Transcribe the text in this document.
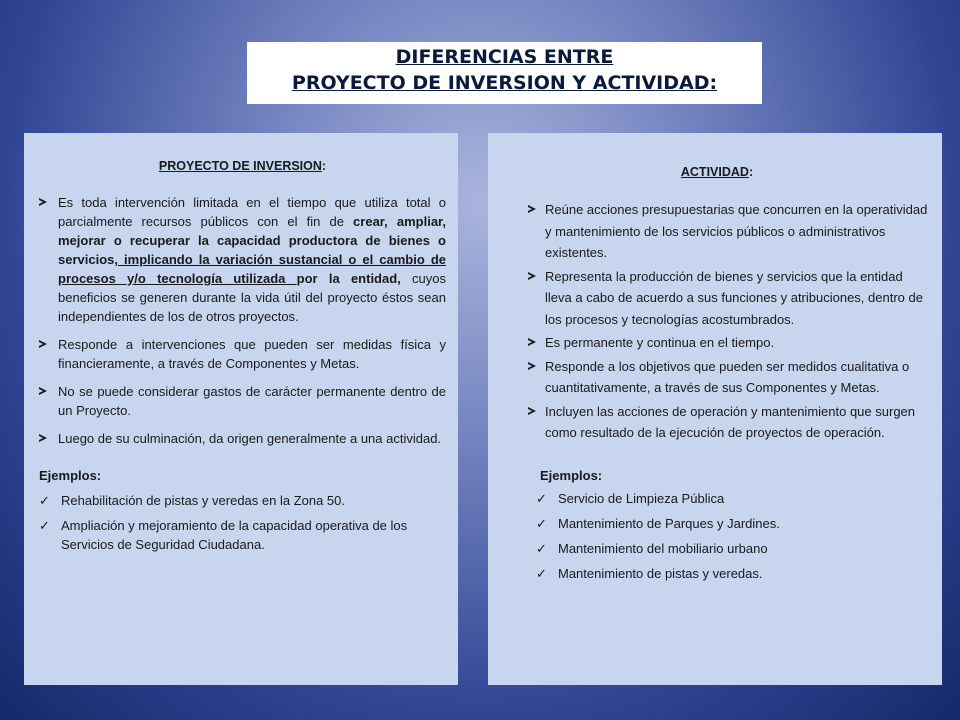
DIFERENCIAS ENTRE
PROYECTO DE INVERSION Y ACTIVIDAD:
PROYECTO DE INVERSION:
Es toda intervención limitada en el tiempo que utiliza total o parcialmente recursos públicos con el fin de crear, ampliar, mejorar o recuperar la capacidad productora de bienes o servicios, implicando la variación sustancial o el cambio de procesos y/o tecnología utilizada por la entidad, cuyos beneficios se generen durante la vida útil del proyecto éstos sean independientes de los de otros proyectos.
Responde a intervenciones que pueden ser medidas física y financieramente, a través de Componentes y Metas.
No se puede considerar gastos de carácter permanente dentro de un Proyecto.
Luego de su culminación, da origen generalmente a una actividad.
Ejemplos:
✓ Rehabilitación de pistas y veredas en la Zona 50.
✓ Ampliación y mejoramiento de la capacidad operativa de los Servicios de Seguridad Ciudadana.
ACTIVIDAD:
Reúne acciones presupuestarias que concurren en la operatividad y mantenimiento de los servicios públicos o administrativos existentes.
Representa la producción de bienes y servicios que la entidad lleva a cabo de acuerdo a sus funciones y atribuciones, dentro de los procesos y tecnologías acostumbrados.
Es permanente y continua en el tiempo.
Responde a los objetivos que pueden ser medidos cualitativa o cuantitativamente, a través de sus Componentes y Metas.
Incluyen las acciones de operación y mantenimiento que surgen como resultado de la ejecución de proyectos de operación.
Ejemplos:
✓ Servicio de Limpieza Pública
✓ Mantenimiento de Parques y Jardines.
✓ Mantenimiento del mobiliario urbano
✓ Mantenimiento de pistas y veredas.
